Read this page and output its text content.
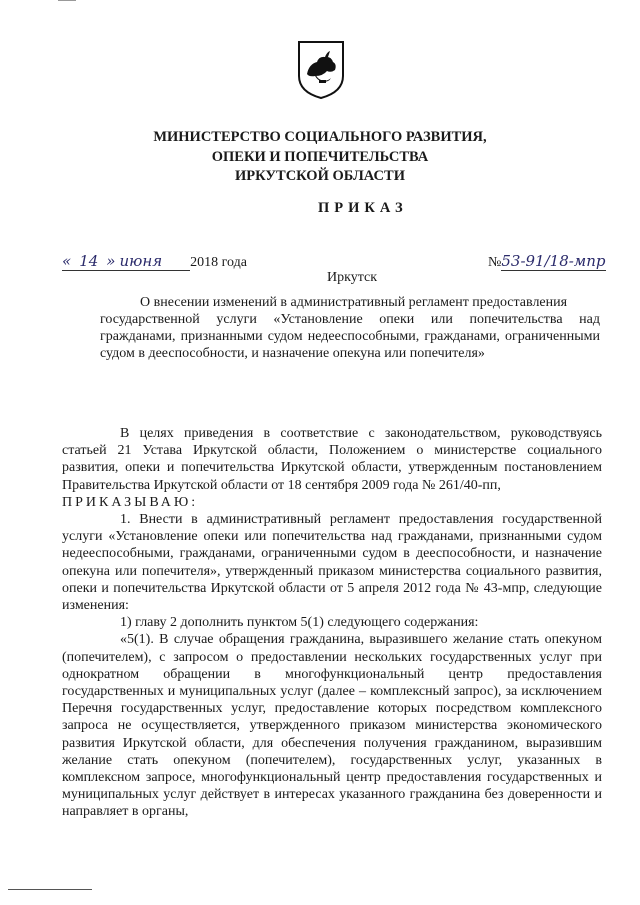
МИНИСТЕРСТВО СОЦИАЛЬНОГО РАЗВИТИЯ,
ОПЕКИ И ПОПЕЧИТЕЛЬСТВА
ИРКУТСКОЙ ОБЛАСТИ
ПРИКАЗ
« 14 » июня 2018 года	№53-91/18-мпр
Иркутск
О внесении изменений в административный регламент предоставления
государственной услуги «Установление опеки или попечительства над гражданами, признанными судом недееспособными, гражданами, ограниченными судом в дееспособности, и назначение опекуна или попечителя»

В целях приведения в соответствие с законодательством, руководствуясь статьей 21 Устава Иркутской области, Положением о министерстве социального развития, опеки и попечительства Иркутской области, утвержденным постановлением Правительства Иркутской области от 18 сентября 2009 года № 261/40-пп,

ПРИКАЗЫВАЮ:

1. Внести в административный регламент предоставления государственной услуги «Установление опеки или попечительства над гражданами, признанными судом недееспособными, гражданами, ограниченными судом в дееспособности, и назначение опекуна или попечителя», утвержденный приказом министерства социального развития, опеки и попечительства Иркутской области от 5 апреля 2012 года № 43-мпр, следующие изменения:

1) главу 2 дополнить пунктом 5(1) следующего содержания:

«5(1). В случае обращения гражданина, выразившего желание стать опекуном (попечителем), с запросом о предоставлении нескольких государственных услуг при однократном обращении в многофункциональный центр предоставления государственных и муниципальных услуг (далее – комплексный запрос), за исключением Перечня государственных услуг, предоставление которых посредством комплексного запроса не осуществляется, утвержденного приказом министерства экономического развития Иркутской области, для обеспечения получения гражданином, выразившим желание стать опекуном (попечителем), государственных услуг, указанных в комплексном запросе, многофункциональный центр предоставления государственных и муниципальных услуг действует в интересах указанного гражданина без доверенности и направляет в органы,
